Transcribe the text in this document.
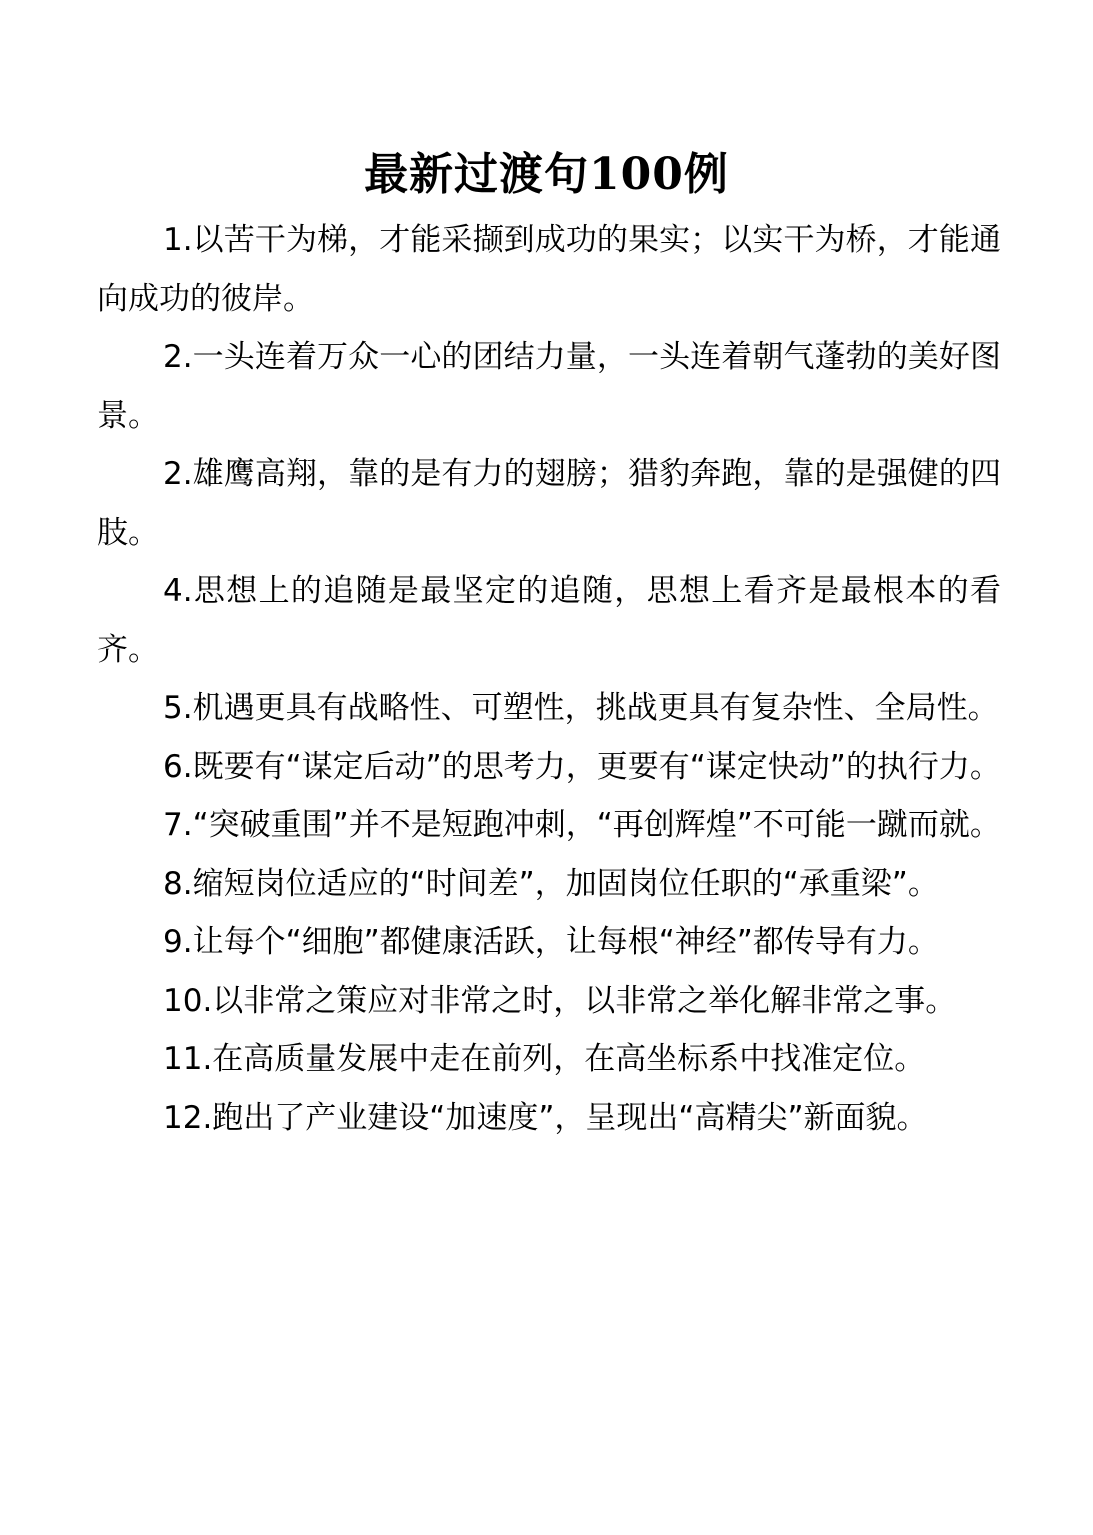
最新过渡句100例

1.以苦干为梯，才能采撷到成功的果实；以实干为桥，才能通向成功的彼岸。

2.一头连着万众一心的团结力量，一头连着朝气蓬勃的美好图景。

2.雄鹰高翔，靠的是有力的翅膀；猎豹奔跑，靠的是强健的四肢。

4.思想上的追随是最坚定的追随，思想上看齐是最根本的看齐。

5.机遇更具有战略性、可塑性，挑战更具有复杂性、全局性。

6.既要有“谋定后动”的思考力，更要有“谋定快动”的执行力。

7.“突破重围”并不是短跑冲刺，“再创辉煌”不可能一蹴而就。

8.缩短岗位适应的“时间差”，加固岗位任职的“承重梁”。

9.让每个“细胞”都健康活跃，让每根“神经”都传导有力。

10.以非常之策应对非常之时，以非常之举化解非常之事。

11.在高质量发展中走在前列，在高坐标系中找准定位。

12.跑出了产业建设“加速度”，呈现出“高精尖”新面貌。
